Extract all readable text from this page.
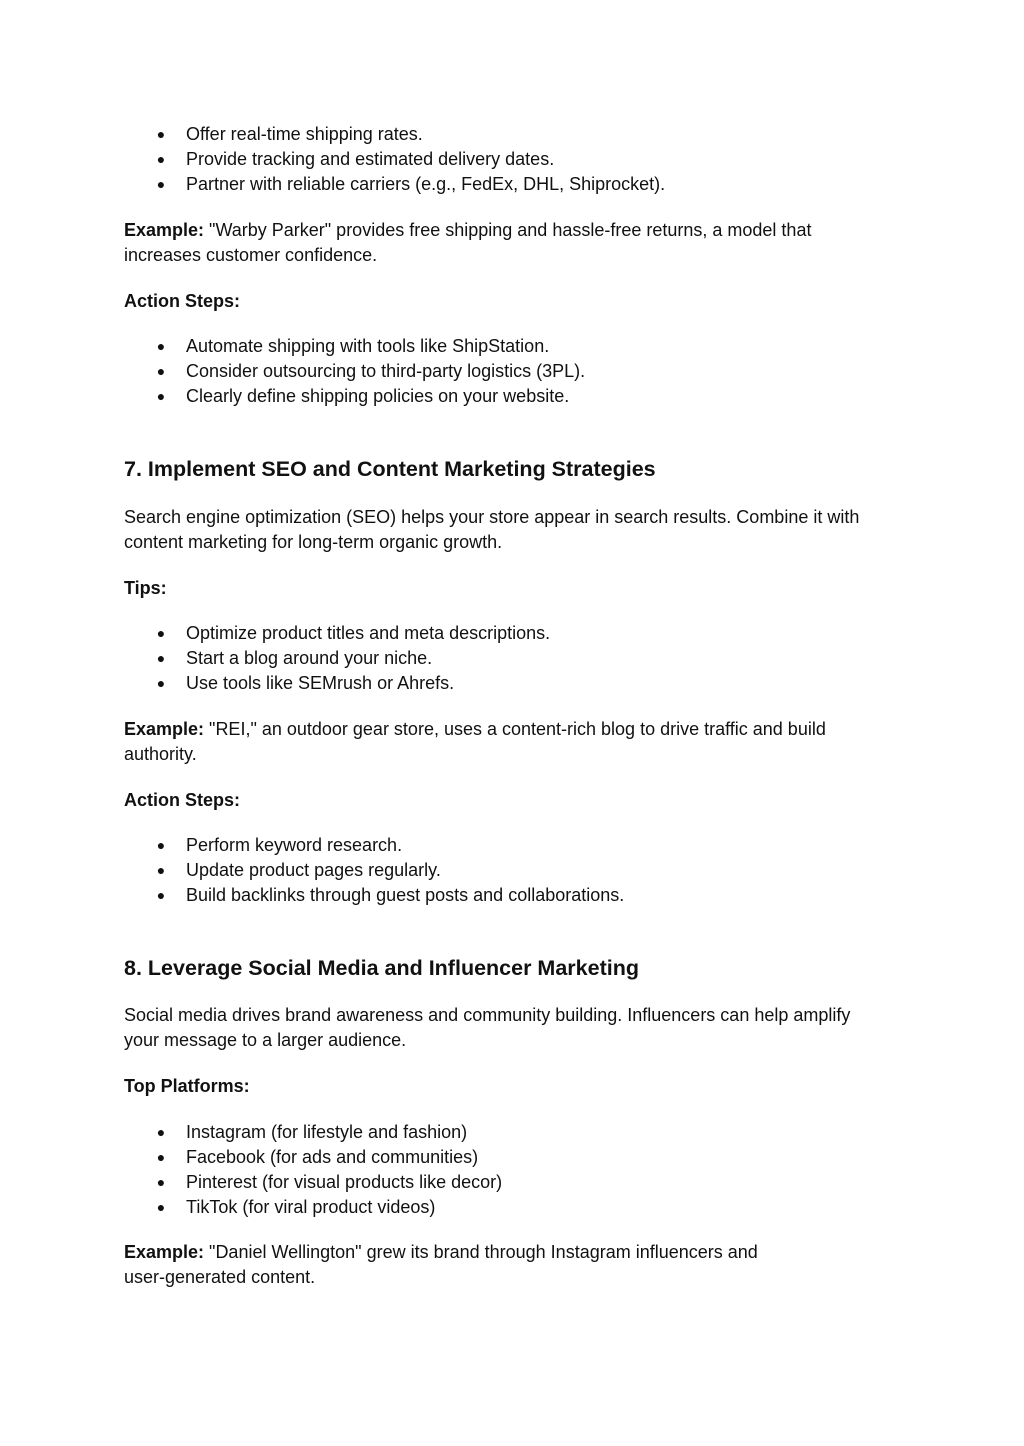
● Offer real-time shipping rates.
● Provide tracking and estimated delivery dates.
● Partner with reliable carriers (e.g., FedEx, DHL, Shiprocket).

Example: "Warby Parker" provides free shipping and hassle-free returns, a model that
increases customer confidence.

Action Steps:

● Automate shipping with tools like ShipStation.
● Consider outsourcing to third-party logistics (3PL).
● Clearly define shipping policies on your website.
7. Implement SEO and Content Marketing Strategies

Search engine optimization (SEO) helps your store appear in search results. Combine it with
content marketing for long-term organic growth.

Tips:

● Optimize product titles and meta descriptions.
● Start a blog around your niche.
● Use tools like SEMrush or Ahrefs.

Example: "REI," an outdoor gear store, uses a content-rich blog to drive traffic and build
authority.

Action Steps:

● Perform keyword research.
● Update product pages regularly.
● Build backlinks through guest posts and collaborations.
8. Leverage Social Media and Influencer Marketing

Social media drives brand awareness and community building. Influencers can help amplify
your message to a larger audience.

Top Platforms:

● Instagram (for lifestyle and fashion)
● Facebook (for ads and communities)
● Pinterest (for visual products like decor)
● TikTok (for viral product videos)

Example: "Daniel Wellington" grew its brand through Instagram influencers and
user-generated content.
